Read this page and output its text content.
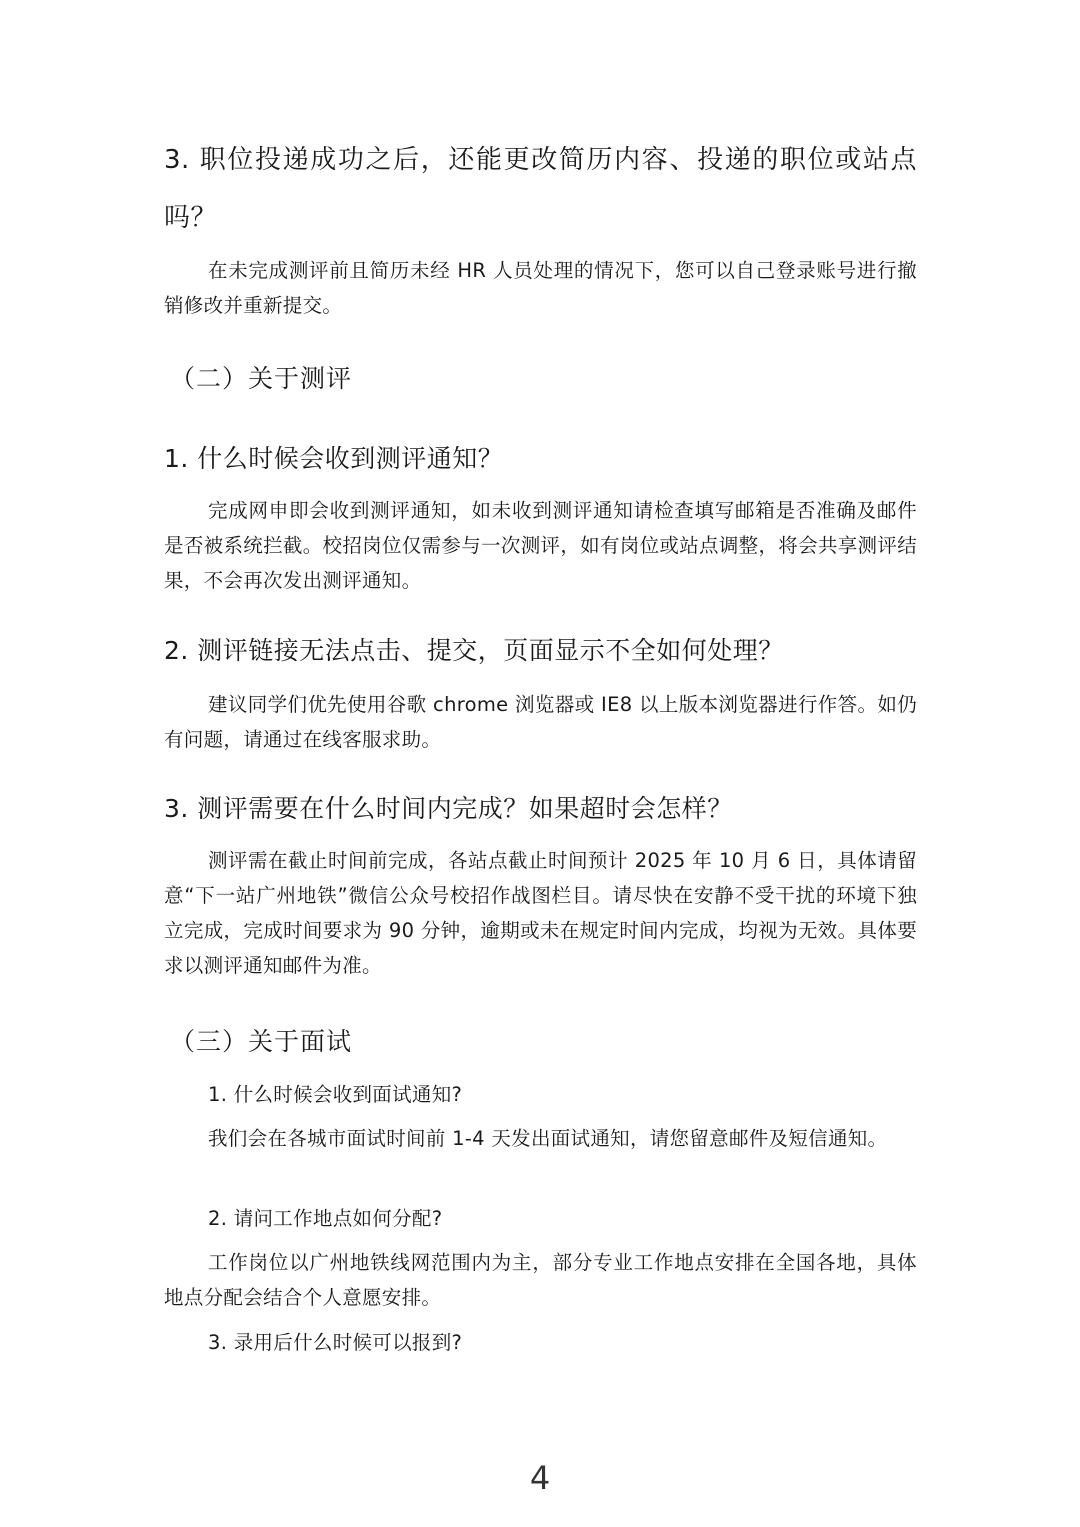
3. 职位投递成功之后，还能更改简历内容、投递的职位或站点吗？

在未完成测评前且简历未经 HR 人员处理的情况下，您可以自己登录账号进行撤销修改并重新提交。

（二）关于测评

1. 什么时候会收到测评通知？

完成网申即会收到测评通知，如未收到测评通知请检查填写邮箱是否准确及邮件是否被系统拦截。校招岗位仅需参与一次测评，如有岗位或站点调整，将会共享测评结果，不会再次发出测评通知。

2. 测评链接无法点击、提交，页面显示不全如何处理？

建议同学们优先使用谷歌 chrome 浏览器或 IE8 以上版本浏览器进行作答。如仍有问题，请通过在线客服求助。

3. 测评需要在什么时间内完成？如果超时会怎样？

测评需在截止时间前完成，各站点截止时间预计 2025 年 10 月 6 日，具体请留意“下一站广州地铁”微信公众号校招作战图栏目。请尽快在安静不受干扰的环境下独立完成，完成时间要求为 90 分钟，逾期或未在规定时间内完成，均视为无效。具体要求以测评通知邮件为准。

（三）关于面试

1. 什么时候会收到面试通知?

我们会在各城市面试时间前 1-4 天发出面试通知，请您留意邮件及短信通知。

2. 请问工作地点如何分配?

工作岗位以广州地铁线网范围内为主，部分专业工作地点安排在全国各地，具体地点分配会结合个人意愿安排。

3. 录用后什么时候可以报到?

4
